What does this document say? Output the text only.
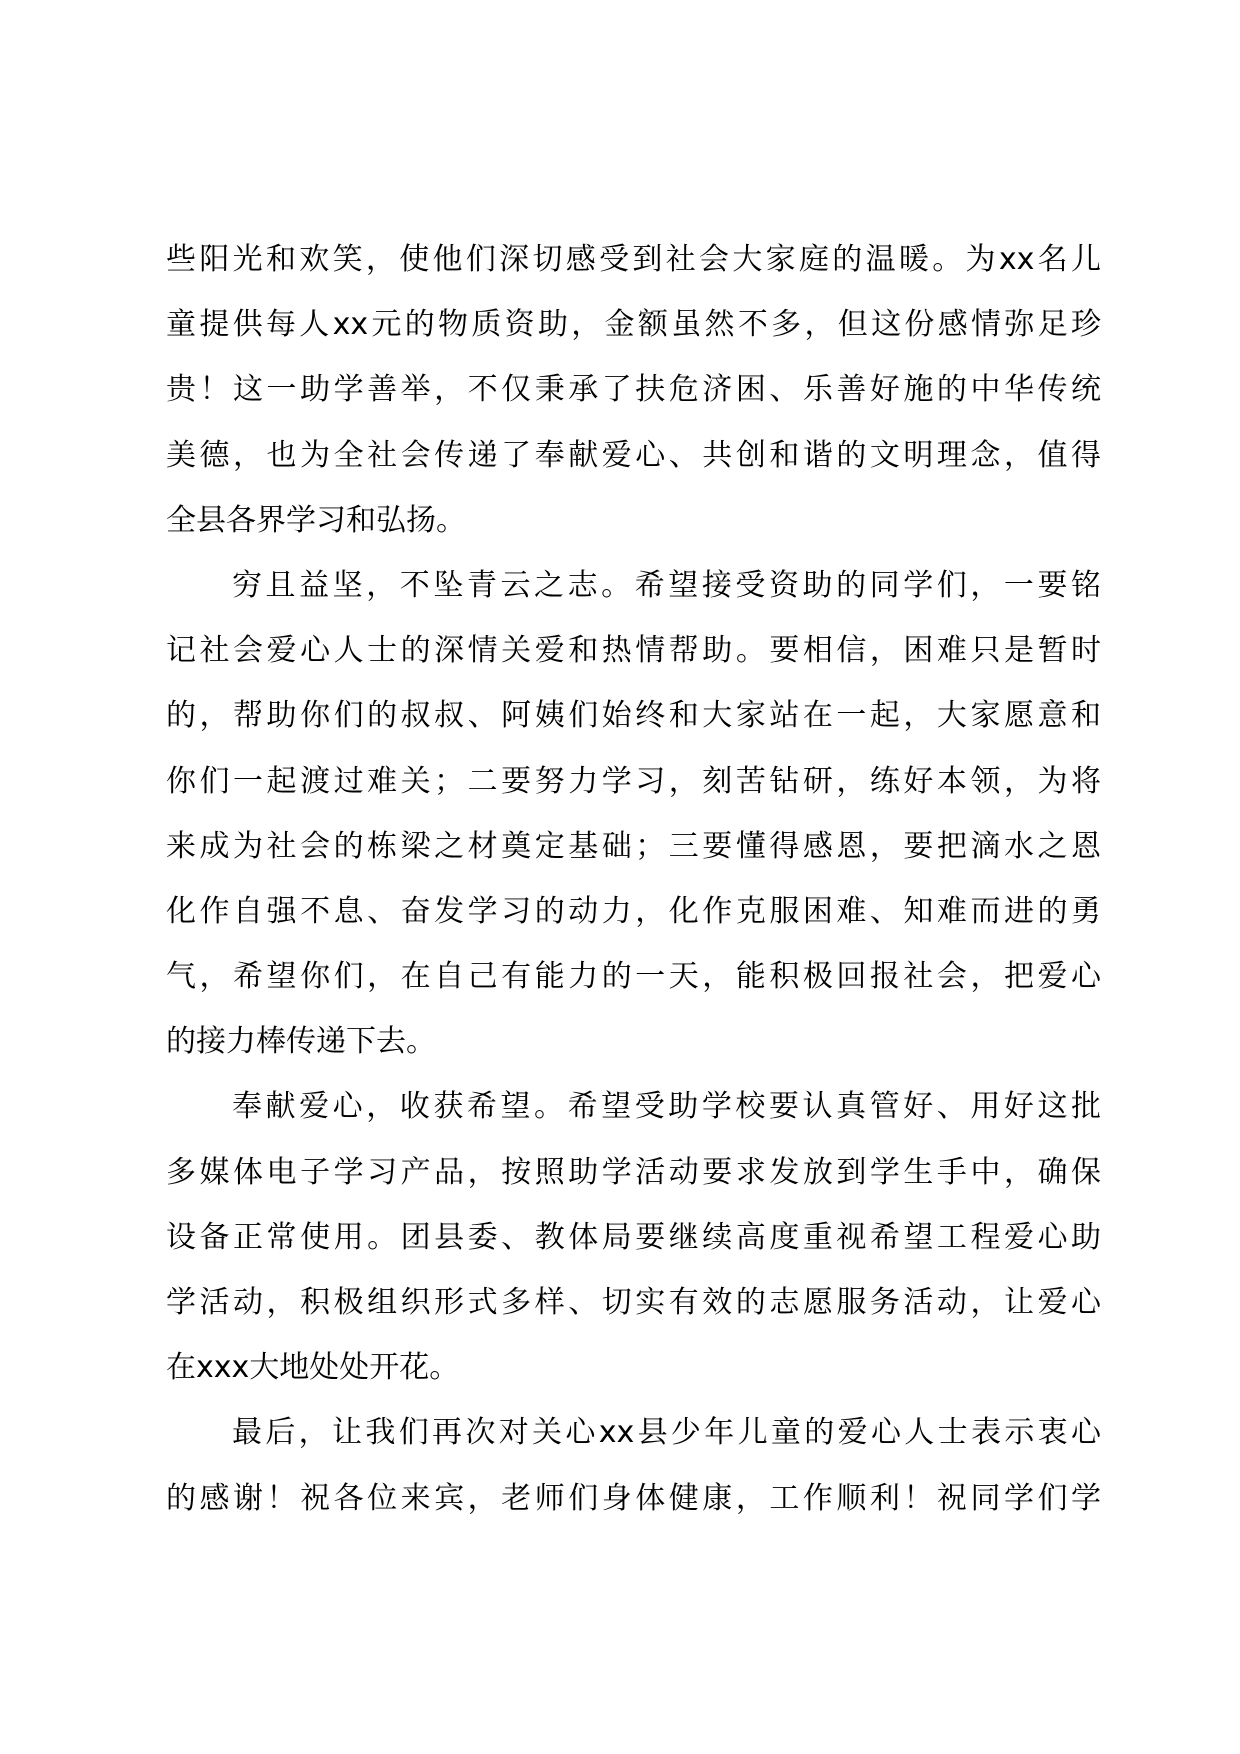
些阳光和欢笑，使他们深切感受到社会大家庭的温暖。为xx名儿
童提供每人xx元的物质资助，金额虽然不多，但这份感情弥足珍
贵！这一助学善举，不仅秉承了扶危济困、乐善好施的中华传统
美德，也为全社会传递了奉献爱心、共创和谐的文明理念，值得
全县各界学习和弘扬。
穷且益坚，不坠青云之志。希望接受资助的同学们，一要铭
记社会爱心人士的深情关爱和热情帮助。要相信，困难只是暂时
的，帮助你们的叔叔、阿姨们始终和大家站在一起，大家愿意和
你们一起渡过难关；二要努力学习，刻苦钻研，练好本领，为将
来成为社会的栋梁之材奠定基础；三要懂得感恩，要把滴水之恩
化作自强不息、奋发学习的动力，化作克服困难、知难而进的勇
气，希望你们，在自己有能力的一天，能积极回报社会，把爱心
的接力棒传递下去。
奉献爱心，收获希望。希望受助学校要认真管好、用好这批
多媒体电子学习产品，按照助学活动要求发放到学生手中，确保
设备正常使用。团县委、教体局要继续高度重视希望工程爱心助
学活动，积极组织形式多样、切实有效的志愿服务活动，让爱心
在xxx大地处处开花。
最后，让我们再次对关心xx县少年儿童的爱心人士表示衷心
的感谢！祝各位来宾，老师们身体健康，工作顺利！祝同学们学
